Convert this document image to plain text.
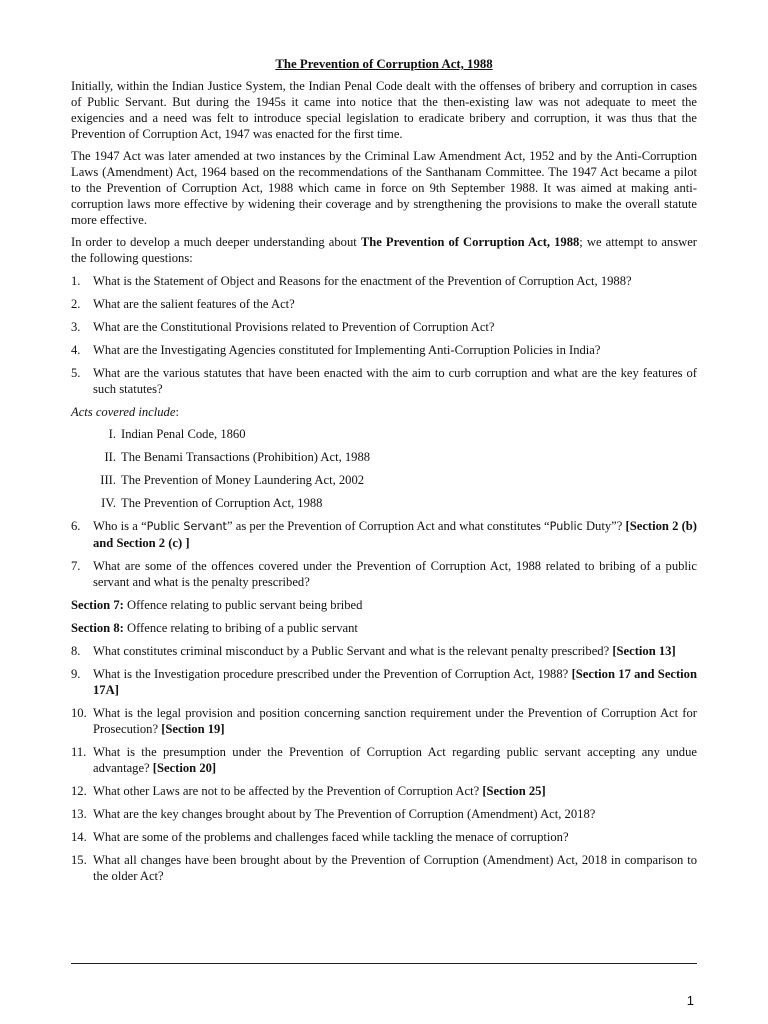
The Prevention of Corruption Act, 1988

Initially, within the Indian Justice System, the Indian Penal Code dealt with the offenses of bribery and corruption in cases of Public Servant. But during the 1945s it came into notice that the then-existing law was not adequate to meet the exigencies and a need was felt to introduce special legislation to eradicate bribery and corruption, it was thus that the Prevention of Corruption Act, 1947 was enacted for the first time.

The 1947 Act was later amended at two instances by the Criminal Law Amendment Act, 1952 and by the Anti-Corruption Laws (Amendment) Act, 1964 based on the recommendations of the Santhanam Committee. The 1947 Act became a pilot to the Prevention of Corruption Act, 1988 which came in force on 9th September 1988. It was aimed at making anti-corruption laws more effective by widening their coverage and by strengthening the provisions to make the overall statute more effective.

In order to develop a much deeper understanding about The Prevention of Corruption Act, 1988; we attempt to answer the following questions:

1. What is the Statement of Object and Reasons for the enactment of the Prevention of Corruption Act, 1988?
2. What are the salient features of the Act?
3. What are the Constitutional Provisions related to Prevention of Corruption Act?
4. What are the Investigating Agencies constituted for Implementing Anti-Corruption Policies in India?
5. What are the various statutes that have been enacted with the aim to curb corruption and what are the key features of such statutes?
Acts covered include:
I. Indian Penal Code, 1860
II. The Benami Transactions (Prohibition) Act, 1988
III. The Prevention of Money Laundering Act, 2002
IV. The Prevention of Corruption Act, 1988
6. Who is a “Public Servant” as per the Prevention of Corruption Act and what constitutes “Public Duty”? [Section 2 (b) and Section 2 (c) ]
7. What are some of the offences covered under the Prevention of Corruption Act, 1988 related to bribing of a public servant and what is the penalty prescribed?
Section 7: Offence relating to public servant being bribed
Section 8: Offence relating to bribing of a public servant
8. What constitutes criminal misconduct by a Public Servant and what is the relevant penalty prescribed? [Section 13]
9. What is the Investigation procedure prescribed under the Prevention of Corruption Act, 1988? [Section 17 and Section 17A]
10. What is the legal provision and position concerning sanction requirement under the Prevention of Corruption Act for Prosecution? [Section 19]
11. What is the presumption under the Prevention of Corruption Act regarding public servant accepting any undue advantage? [Section 20]
12. What other Laws are not to be affected by the Prevention of Corruption Act? [Section 25]
13. What are the key changes brought about by The Prevention of Corruption (Amendment) Act, 2018?
14. What are some of the problems and challenges faced while tackling the menace of corruption?
15. What all changes have been brought about by the Prevention of Corruption (Amendment) Act, 2018 in comparison to the older Act?
1
